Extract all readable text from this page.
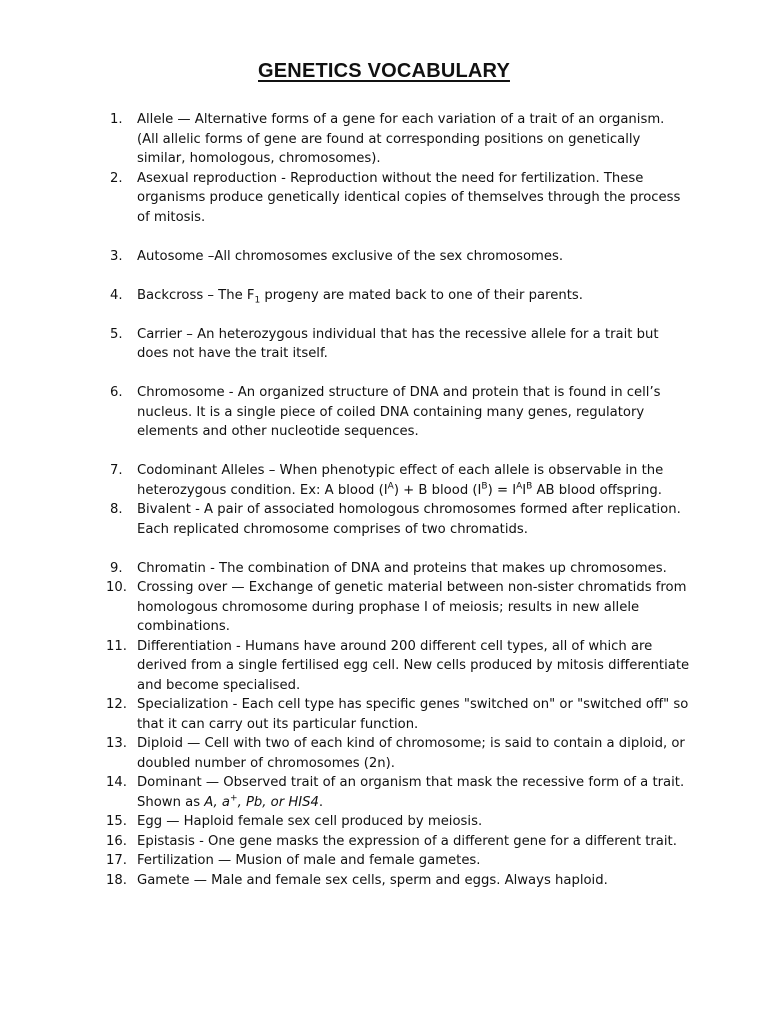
GENETICS VOCABULARY
1.	Allele — Alternative forms of a gene for each variation of a trait of an organism. (All allelic forms of gene are found at corresponding positions on genetically similar, homologous, chromosomes).
2.	Asexual reproduction - Reproduction without the need for fertilization. These organisms produce genetically identical copies of themselves through the process of mitosis.
3.	Autosome –All chromosomes exclusive of the sex chromosomes.
4.	Backcross – The $F_1$ progeny are mated back to one of their parents.
5.	Carrier – An heterozygous individual that has the recessive allele for a trait but does not have the trait itself.
6.	Chromosome - An organized structure of DNA and protein that is found in cell’s nucleus. It is a single piece of coiled DNA containing many genes, regulatory elements and other nucleotide sequences.
7.	Codominant Alleles – When phenotypic effect of each allele is observable in the heterozygous condition. Ex: A blood $(I^A) + B$ blood $(I^B) = I^AI^B$ AB blood offspring.
8.	Bivalent - A pair of associated homologous chromosomes formed after replication. Each replicated chromosome comprises of two chromatids.
9.	Chromatin - The combination of DNA and proteins that makes up chromosomes.
10. Crossing over — Exchange of genetic material between non-sister chromatids from homologous chromosome during prophase I of meiosis; results in new allele combinations.
11. Differentiation - Humans have around 200 different cell types, all of which are derived from a single fertilised egg cell. New cells produced by mitosis differentiate and become specialised.
12. Specialization - Each cell type has specific genes "switched on" or "switched off" so that it can carry out its particular function.
13. Diploid — Cell with two of each kind of chromosome; is said to contain a diploid, or doubled number of chromosomes (2n).
14. Dominant — Observed trait of an organism that mask the recessive form of a trait. Shown as A, a+, Pb, or HIS4.
15. Egg — Haploid female sex cell produced by meiosis.
16. Epistasis - One gene masks the expression of a different gene for a different trait.
17. Fertilization — Musion of male and female gametes.
18. Gamete — Male and female sex cells, sperm and eggs. Always haploid.
